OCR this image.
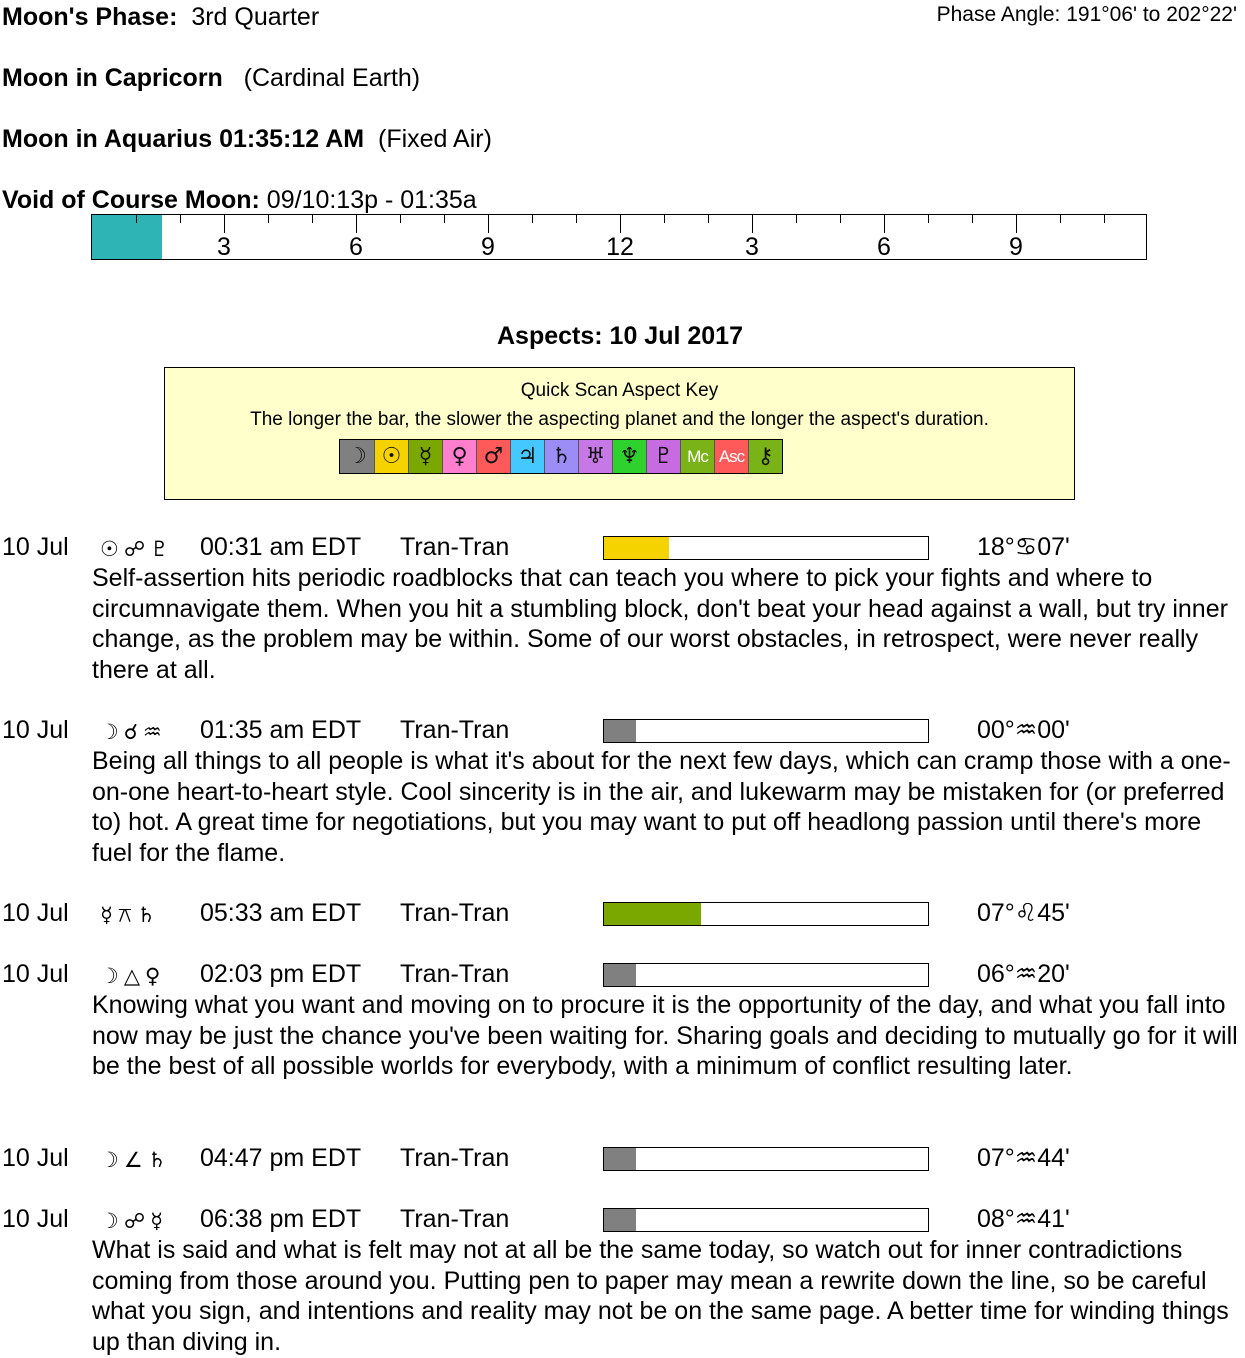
Moon's Phase: 3rd Quarter	Phase Angle: 191°06' to 202°22'
Moon in Capricorn (Cardinal Earth)
Moon in Aquarius 01:35:12 AM (Fixed Air)
Void of Course Moon: 09/10:13p - 01:35a
3	6	9	12	3	6	9
Aspects: 10 Jul 2017
Quick Scan Aspect Key
The longer the bar, the slower the aspecting planet and the longer the aspect's duration.
☽ ☉ ☿ ♀ ♂ ♃ ♄ ♅ ♆ ♇ Mc Asc ⚷
10 Jul ☉☍♇ 00:31 am EDT Tran-Tran	18°♋07'
Self-assertion hits periodic roadblocks that can teach you where to pick your fights and where to circumnavigate them. When you hit a stumbling block, don't beat your head against a wall, but try inner change, as the problem may be within. Some of our worst obstacles, in retrospect, were never really there at all.
10 Jul ☽☌♒ 01:35 am EDT Tran-Tran	00°♒00'
Being all things to all people is what it's about for the next few days, which can cramp those with a one-on-one heart-to-heart style. Cool sincerity is in the air, and lukewarm may be mistaken for (or preferred to) hot. A great time for negotiations, but you may want to put off headlong passion until there's more fuel for the flame.
10 Jul ☿⚻♄ 05:33 am EDT Tran-Tran	07°♌45'
10 Jul ☽△♀ 02:03 pm EDT Tran-Tran	06°♒20'
Knowing what you want and moving on to procure it is the opportunity of the day, and what you fall into now may be just the chance you've been waiting for. Sharing goals and deciding to mutually go for it will be the best of all possible worlds for everybody, with a minimum of conflict resulting later.
10 Jul ☽∠♄ 04:47 pm EDT Tran-Tran	07°♒44'
10 Jul ☽☍☿ 06:38 pm EDT Tran-Tran	08°♒41'
What is said and what is felt may not at all be the same today, so watch out for inner contradictions coming from those around you. Putting pen to paper may mean a rewrite down the line, so be careful what you sign, and intentions and reality may not be on the same page. A better time for winding things up than diving in.
